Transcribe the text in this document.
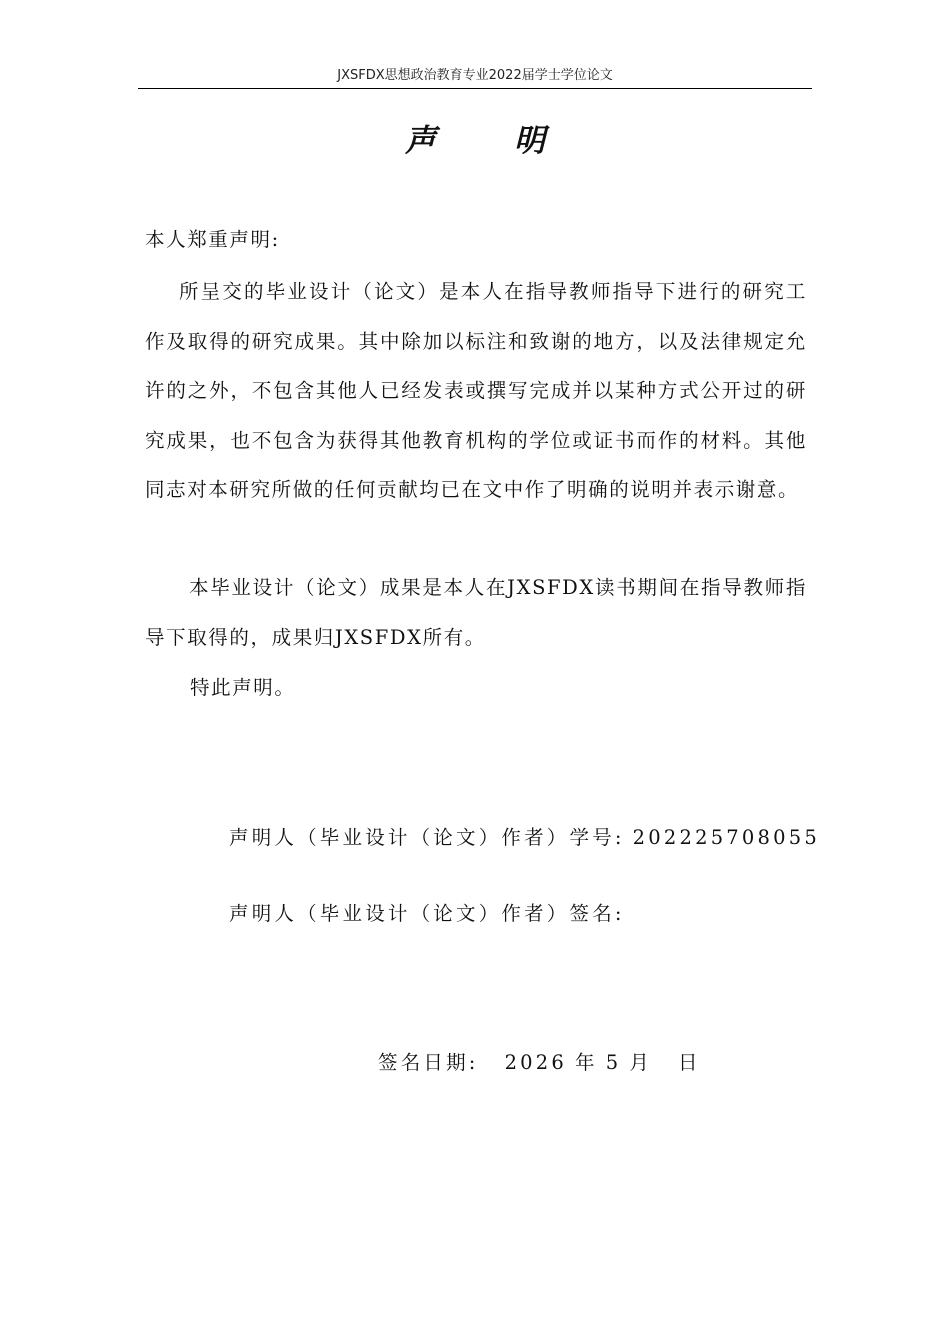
JXSFDX思想政治教育专业2022届学士学位论文
声明
本人郑重声明:
所呈交的毕业设计（论文）是本人在指导教师指导下进行的研究工作及取得的研究成果。其中除加以标注和致谢的地方，以及法律规定允许的之外，不包含其他人已经发表或撰写完成并以某种方式公开过的研究成果，也不包含为获得其他教育机构的学位或证书而作的材料。其他同志对本研究所做的任何贡献均已在文中作了明确的说明并表示谢意。
本毕业设计（论文）成果是本人在JXSFDX读书期间在指导教师指导下取得的，成果归JXSFDX所有。
特此声明。
声明人（毕业设计（论文）作者）学号: 202225708055
声明人（毕业设计（论文）作者）签名:
签名日期: 2026 年 5 月 日
